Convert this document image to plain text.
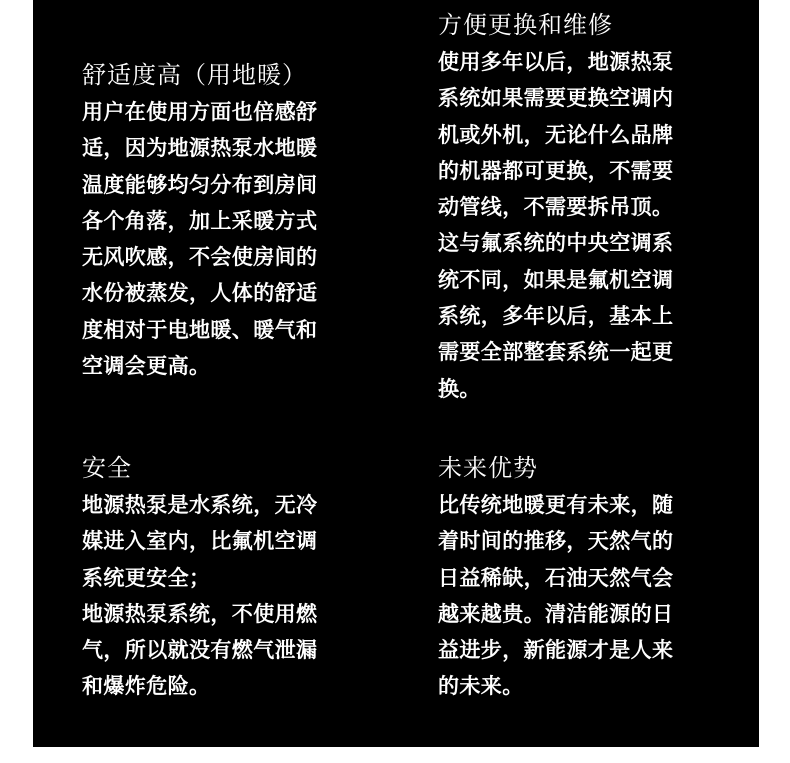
舒适度高（用地暖）

用户在使用方面也倍感舒
适，因为地源热泵水地暖
温度能够均匀分布到房间
各个角落，加上采暖方式
无风吹感，不会使房间的
水份被蒸发，人体的舒适
度相对于电地暖、暖气和
空调会更高。

方便更换和维修

使用多年以后，地源热泵
系统如果需要更换空调内
机或外机，无论什么品牌
的机器都可更换，不需要
动管线，不需要拆吊顶。
这与氟系统的中央空调系
统不同，如果是氟机空调
系统，多年以后，基本上
需要全部整套系统一起更
换。

安全

地源热泵是水系统，无冷
媒进入室内，比氟机空调
系统更安全；
地源热泵系统，不使用燃
气，所以就没有燃气泄漏
和爆炸危险。

未来优势

比传统地暖更有未来，随
着时间的推移，天然气的
日益稀缺，石油天然气会
越来越贵。清洁能源的日
益进步，新能源才是人来
的未来。
